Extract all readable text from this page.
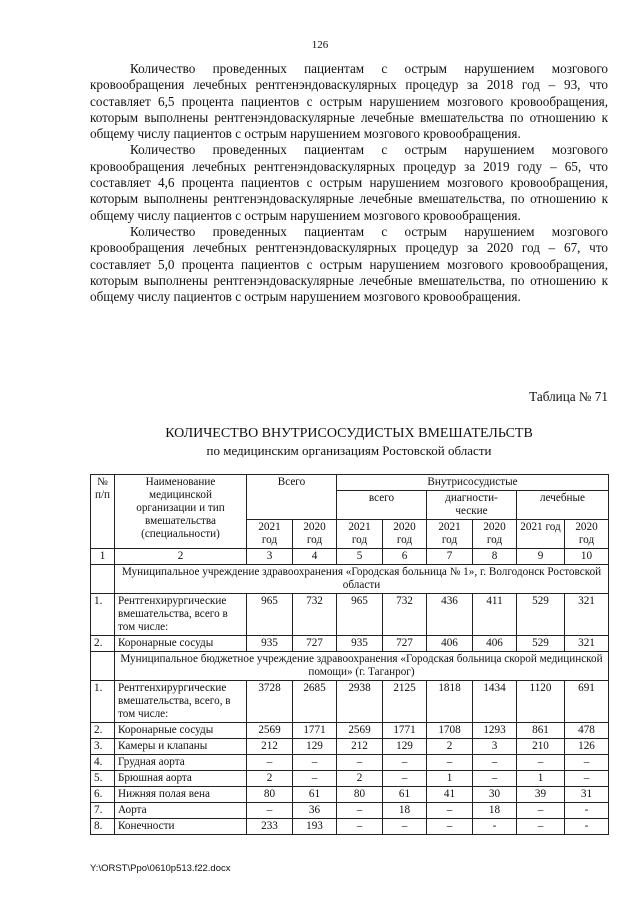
126

Количество проведенных пациентам с острым нарушением мозгового кровообращения лечебных рентгенэндоваскулярных процедур за 2018 год – 93, что составляет 6,5 процента пациентов с острым нарушением мозгового кровообращения, которым выполнены рентгенэндоваскулярные лечебные вмешательства по отношению к общему числу пациентов с острым нарушением мозгового кровообращения.

Количество проведенных пациентам с острым нарушением мозгового кровообращения лечебных рентгенэндоваскулярных процедур за 2019 году – 65, что составляет 4,6 процента пациентов с острым нарушением мозгового кровообращения, которым выполнены рентгенэндоваскулярные лечебные вмешательства, по отношению к общему числу пациентов с острым нарушением мозгового кровообращения.

Количество проведенных пациентам с острым нарушением мозгового кровообращения лечебных рентгенэндоваскулярных процедур за 2020 год – 67, что составляет 5,0 процента пациентов с острым нарушением мозгового кровообращения, которым выполнены рентгенэндоваскулярные лечебные вмешательства, по отношению к общему числу пациентов с острым нарушением мозгового кровообращения.

Таблица № 71
КОЛИЧЕСТВО ВНУТРИСОСУДИСТЫХ ВМЕШАТЕЛЬСТВ
по медицинским организациям Ростовской области
№ п/п	Наименование медицинской организации и тип вмешательства (специальности)	Всего		Внутрисосудистые					
				всего		диагности-ческие		лечебные	
		2021 год	2020 год	2021 год	2020 год	2021 год	2020 год	2021 год	2020 год
1	2	3	4	5	6	7	8	9	10
	Муниципальное учреждение здравоохранения «Городская больница № 1», г. Волгодонск Ростовской области								
1.	Рентгенхирургические вмешательства, всего в том числе:	965	732	965	732	436	411	529	321
2.	Коронарные сосуды	935	727	935	727	406	406	529	321
	Муниципальное бюджетное учреждение здравоохранения «Городская больница скорой медицинской помощи» (г. Таганрог)								
1.	Рентгенхирургические вмешательства, всего, в том числе:	3728	2685	2938	2125	1818	1434	1120	691
2.	Коронарные сосуды	2569	1771	2569	1771	1708	1293	861	478
3.	Камеры и клапаны	212	129	212	129	2	3	210	126
4.	Грудная аорта	–	–	–	–	–	–	–	–
5.	Брюшная аорта	2	–	2	–	1	–	1	–
6.	Нижняя полая вена	80	61	80	61	41	30	39	31
7.	Аорта	–	36	–	18	–	18	–	-
8.	Конечности	233	193	–	–	–	-	–	-
Y:\ORST\Ppo\0610p513.f22.docx
